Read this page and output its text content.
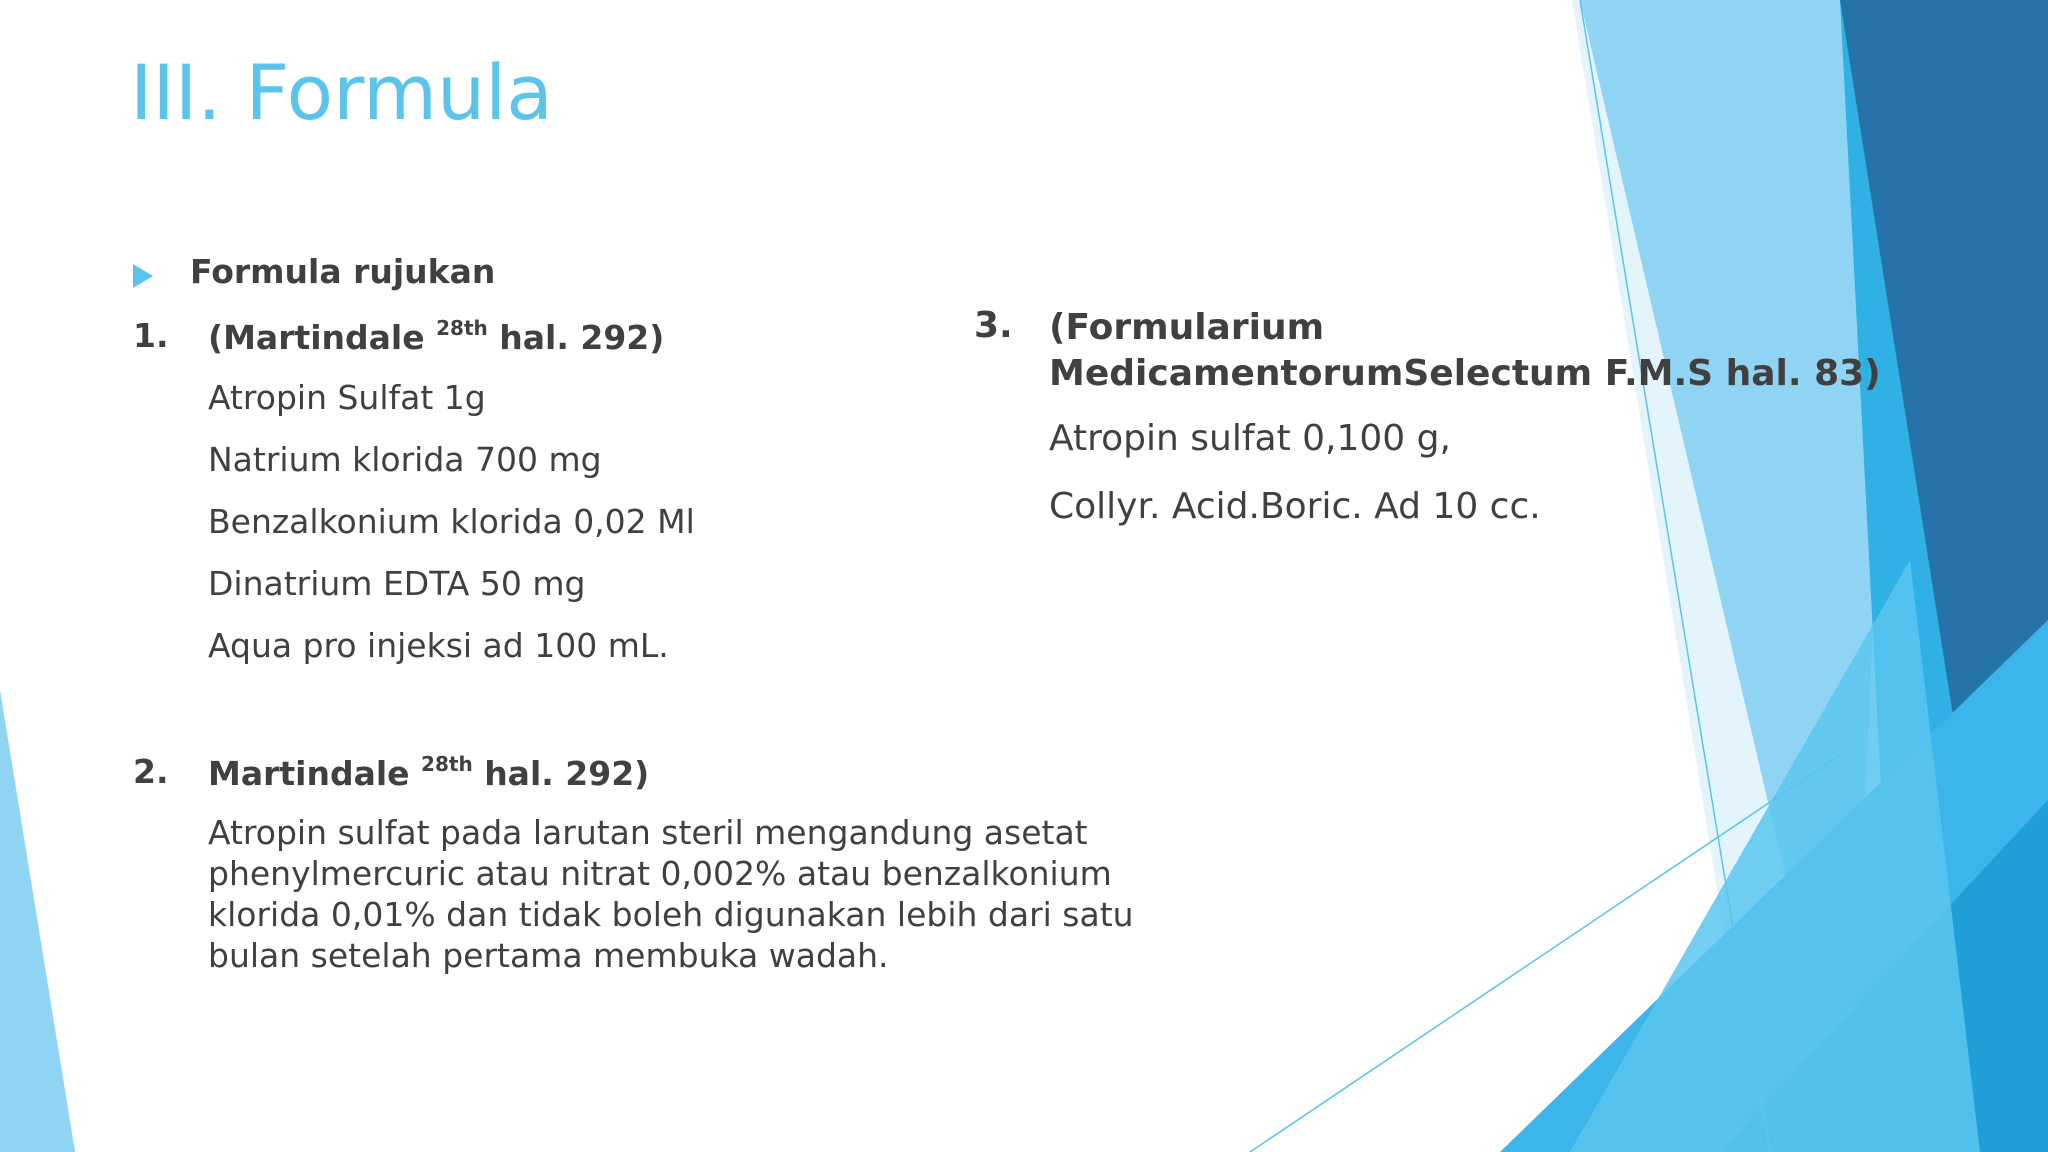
III. Formula
Formula rujukan
1. (Martindale $^{28th}$ hal. 292)
Atropin Sulfat 1g
Natrium klorida 700 mg
Benzalkonium klorida 0,02 Ml
Dinatrium EDTA 50 mg
Aqua pro injeksi ad 100 mL.
2. Martindale $^{28th}$ hal. 292)
Atropin sulfat pada larutan steril mengandung asetat
phenylmercuric atau nitrat 0,002% atau benzalkonium
klorida 0,01% dan tidak boleh digunakan lebih dari satu
bulan setelah pertama membuka wadah.
3. (Formularium
MedicamentorumSelectum F.M.S hal. 83)
Atropin sulfat 0,100 g,
Collyr. Acid.Boric. Ad 10 cc.
